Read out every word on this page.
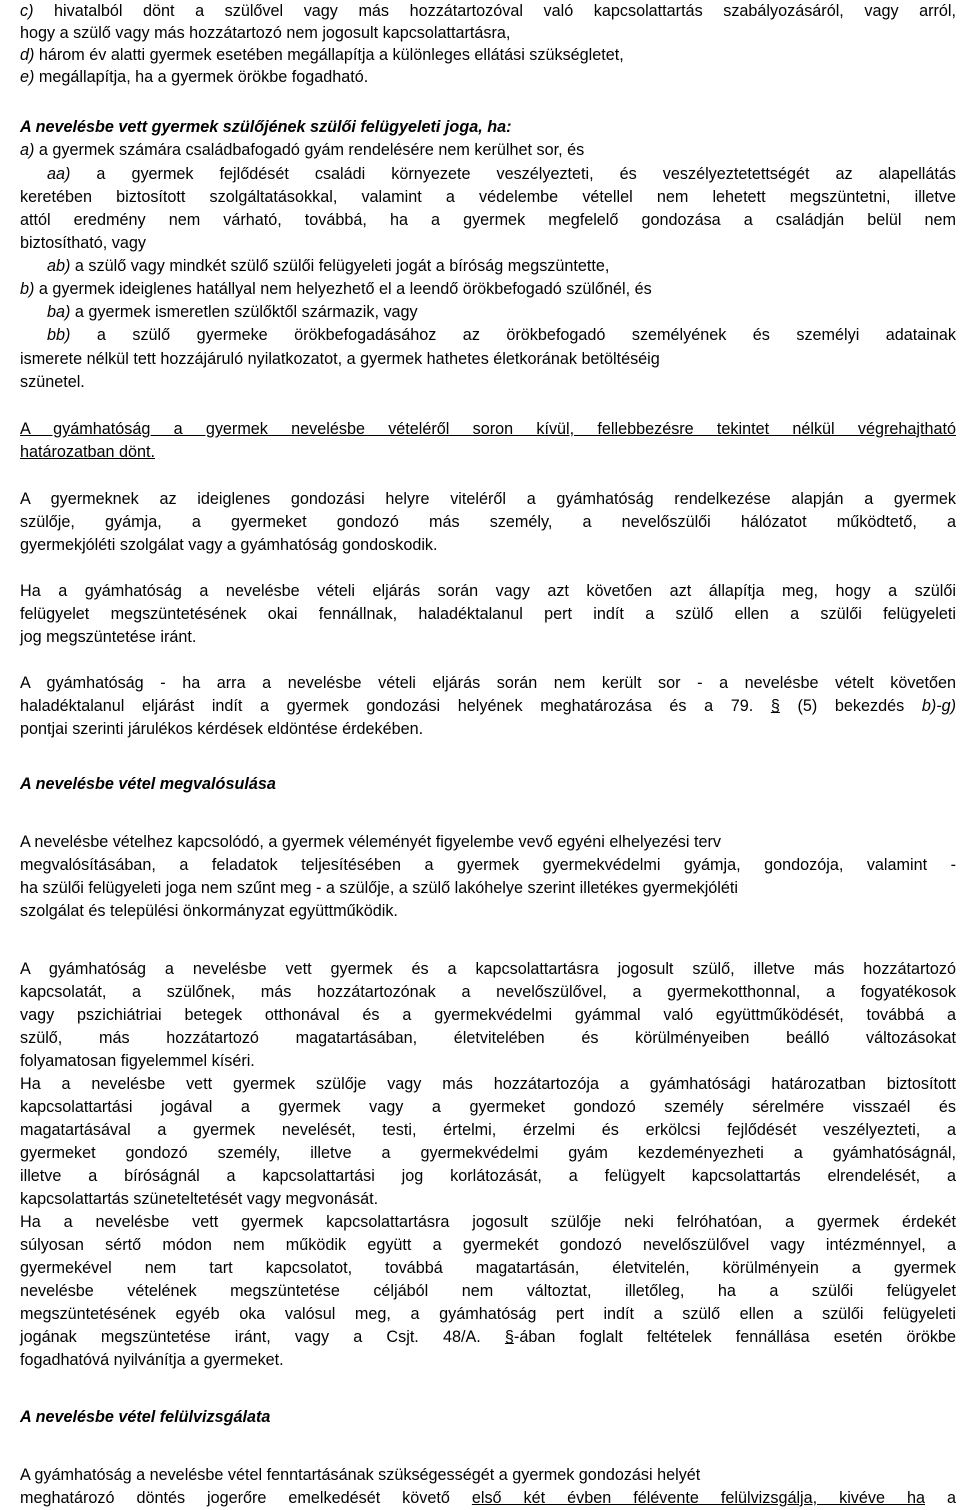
c) hivatalból dönt a szülővel vagy más hozzátartozóval való kapcsolattartás szabályozásáról, vagy arról,
hogy a szülő vagy más hozzátartozó nem jogosult kapcsolattartásra,
d) három év alatti gyermek esetében megállapítja a különleges ellátási szükségletet,
e) megállapítja, ha a gyermek örökbe fogadható.
A nevelésbe vett gyermek szülőjének szülői felügyeleti joga, ha:
a) a gyermek számára családbafogadó gyám rendelésére nem kerülhet sor, és
aa) a gyermek fejlődését családi környezete veszélyezteti, és veszélyeztetettségét az alapellátás
keretében biztosított szolgáltatásokkal, valamint a védelembe vétellel nem lehetett megszüntetni, illetve
attól eredmény nem várható, továbbá, ha a gyermek megfelelő gondozása a családján belül nem
biztosítható, vagy
ab) a szülő vagy mindkét szülő szülői felügyeleti jogát a bíróság megszüntette,
b) a gyermek ideiglenes hatállyal nem helyezhető el a leendő örökbefogadó szülőnél, és
ba) a gyermek ismeretlen szülőktől származik, vagy
bb) a szülő gyermeke örökbefogadásához az örökbefogadó személyének és személyi adatainak
ismerete nélkül tett hozzájáruló nyilatkozatot, a gyermek hathetes életkorának betöltéséig
szünetel.
A gyámhatóság a gyermek nevelésbe vételéről soron kívül, fellebbezésre tekintet nélkül végrehajtható
határozatban dönt.
A gyermeknek az ideiglenes gondozási helyre viteléről a gyámhatóság rendelkezése alapján a gyermek
szülője, gyámja, a gyermeket gondozó más személy, a nevelőszülői hálózatot működtető, a
gyermekjóléti szolgálat vagy a gyámhatóság gondoskodik.
Ha a gyámhatóság a nevelésbe vételi eljárás során vagy azt követően azt állapítja meg, hogy a szülői
felügyelet megszüntetésének okai fennállnak, haladéktalanul pert indít a szülő ellen a szülői felügyeleti
jog megszüntetése iránt.
A gyámhatóság - ha arra a nevelésbe vételi eljárás során nem került sor - a nevelésbe vételt követően
haladéktalanul eljárást indít a gyermek gondozási helyének meghatározása és a 79. § (5) bekezdés b)-g)
pontjai szerinti járulékos kérdések eldöntése érdekében.
A nevelésbe vétel megvalósulása
A nevelésbe vételhez kapcsolódó, a gyermek véleményét figyelembe vevő egyéni elhelyezési terv
megvalósításában, a feladatok teljesítésében a gyermek gyermekvédelmi gyámja, gondozója, valamint -
ha szülői felügyeleti joga nem szűnt meg - a szülője, a szülő lakóhelye szerint illetékes gyermekjóléti
szolgálat és települési önkormányzat együttműködik.
A gyámhatóság a nevelésbe vett gyermek és a kapcsolattartásra jogosult szülő, illetve más hozzátartozó
kapcsolatát, a szülőnek, más hozzátartozónak a nevelőszülővel, a gyermekotthonnal, a fogyatékosok
vagy pszichiátriai betegek otthonával és a gyermekvédelmi gyámmal való együttműködését, továbbá a
szülő, más hozzátartozó magatartásában, életvitelében és körülményeiben beálló változásokat
folyamatosan figyelemmel kíséri.
Ha a nevelésbe vett gyermek szülője vagy más hozzátartozója a gyámhatósági határozatban biztosított
kapcsolattartási jogával a gyermek vagy a gyermeket gondozó személy sérelmére visszaél és
magatartásával a gyermek nevelését, testi, értelmi, érzelmi és erkölcsi fejlődését veszélyezteti, a
gyermeket gondozó személy, illetve a gyermekvédelmi gyám kezdeményezheti a gyámhatóságnál,
illetve a bíróságnál a kapcsolattartási jog korlátozását, a felügyelt kapcsolattartás elrendelését, a
kapcsolattartás szüneteltetését vagy megvonását.
Ha a nevelésbe vett gyermek kapcsolattartásra jogosult szülője neki felróhatóan, a gyermek érdekét
súlyosan sértő módon nem működik együtt a gyermekét gondozó nevelőszülővel vagy intézménnyel, a
gyermekével nem tart kapcsolatot, továbbá magatartásán, életvitelén, körülményein a gyermek
nevelésbe vételének megszüntetése céljából nem változtat, illetőleg, ha a szülői felügyelet
megszüntetésének egyéb oka valósul meg, a gyámhatóság pert indít a szülő ellen a szülői felügyeleti
jogának megszüntetése iránt, vagy a Csjt. 48/A. §-ában foglalt feltételek fennállása esetén örökbe
fogadhatóvá nyilvánítja a gyermeket.
A nevelésbe vétel felülvizsgálata
A gyámhatóság a nevelésbe vétel fenntartásának szükségességét a gyermek gondozási helyét
meghatározó döntés jogerőre emelkedését követő első két évben félévente felülvizsgálja, kivéve ha a
